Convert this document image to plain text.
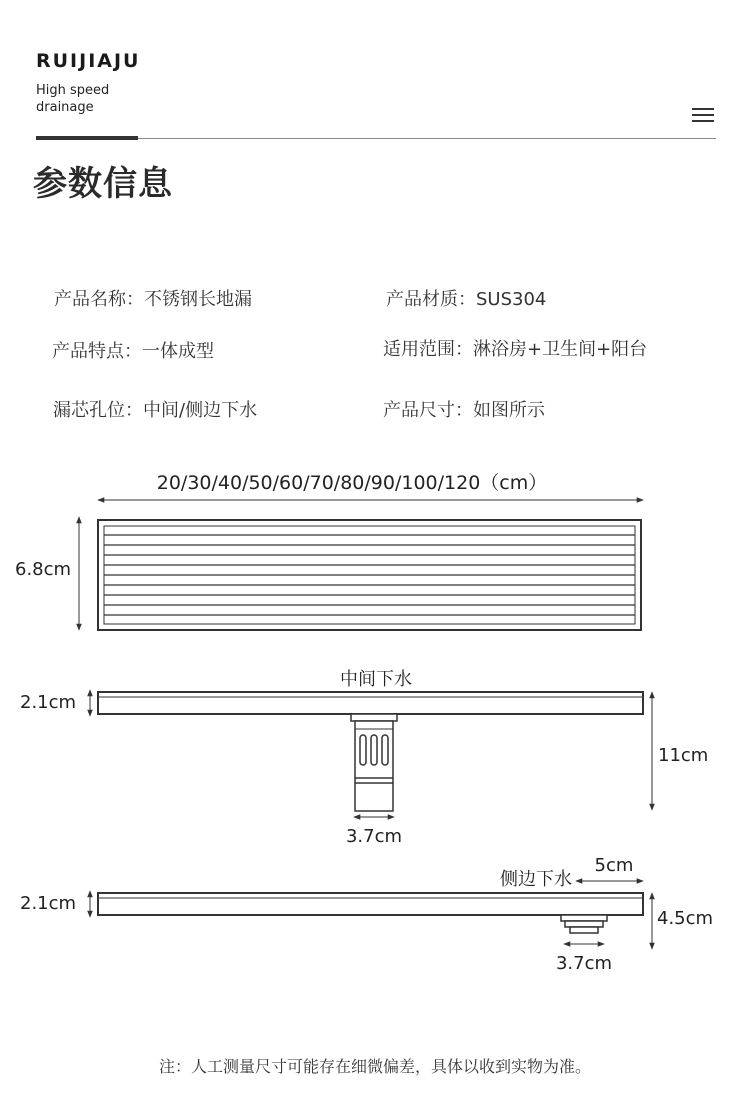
RUIJIAJU
High speed drainage
参数信息
产品名称：不锈钢长地漏	产品材质：SUS304
产品特点：一体成型	适用范围：淋浴房+卫生间+阳台
漏芯孔位：中间/侧边下水	产品尺寸：如图所示
20/30/40/50/60/70/80/90/100/120（cm）
6.8cm
中间下水
2.1cm
3.7cm
11cm
侧边下水
5cm
2.1cm
3.7cm
4.5cm
注：人工测量尺寸可能存在细微偏差，具体以收到实物为准。
